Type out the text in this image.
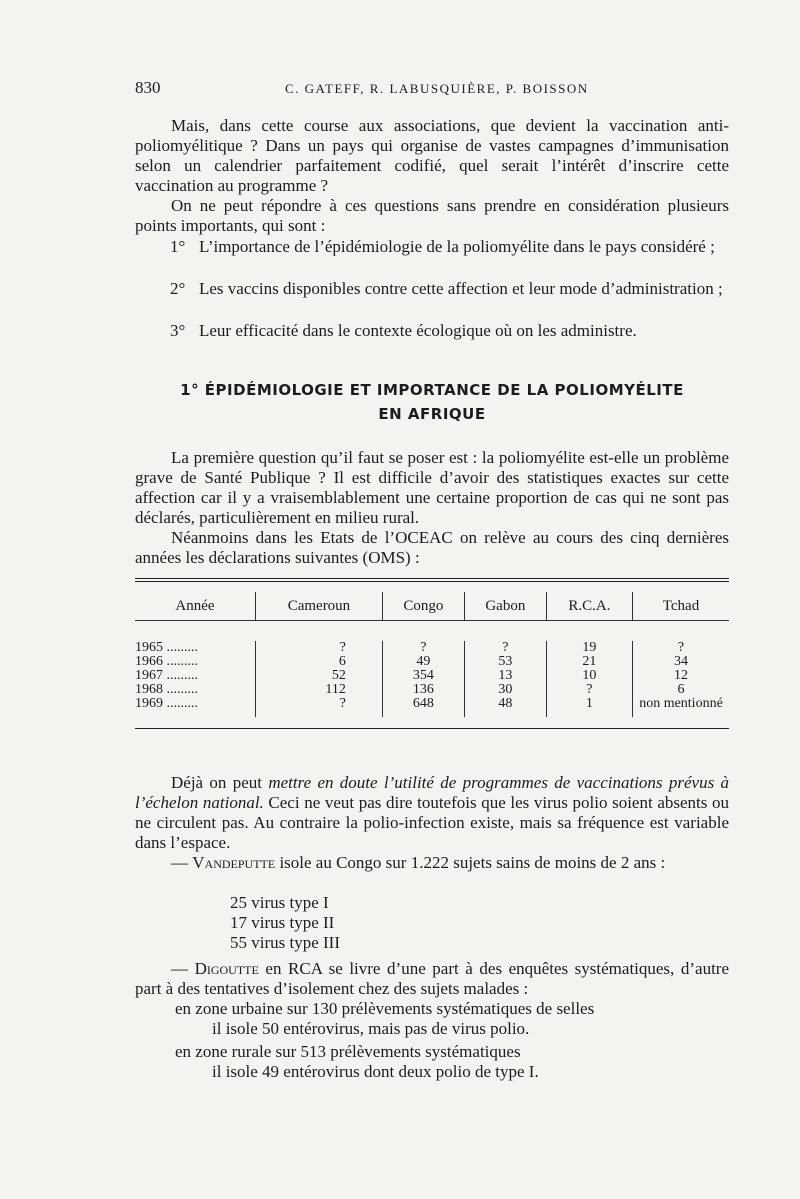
830	C. GATEFF, R. LABUSQUIÈRE, P. BOISSON

Mais, dans cette course aux associations, que devient la vaccination anti-poliomyélitique ? Dans un pays qui organise de vastes campagnes d’immunisation selon un calendrier parfaitement codifié, quel serait l’intérêt d’inscrire cette vaccination au programme ?

On ne peut répondre à ces questions sans prendre en considération plusieurs points importants, qui sont :

1° L’importance de l’épidémiologie de la poliomyélite dans le pays considéré ;
2° Les vaccins disponibles contre cette affection et leur mode d’administration ;
3° Leur efficacité dans le contexte écologique où on les administre.
1° ÉPIDÉMIOLOGIE ET IMPORTANCE DE LA POLIOMYÉLITE
EN AFRIQUE

La première question qu’il faut se poser est : la poliomyélite est-elle un problème grave de Santé Publique ? Il est difficile d’avoir des statistiques exactes sur cette affection car il y a vraisemblablement une certaine proportion de cas qui ne sont pas déclarés, particulièrement en milieu rural.

Néanmoins dans les Etats de l’OCEAC on relève au cours des cinq dernières années les déclarations suivantes (OMS) :

Année	Cameroun	Congo	Gabon	R.C.A.	Tchad

1965 .........	?	?	?	19	?
1966 .........	6	49	53	21	34
1967 .........	52	354	13	10	12
1968 .........	112	136	30	?	6
1969 .........	?	648	48	1	non mentionné

Déjà on peut mettre en doute l’utilité de programmes de vaccinations prévus à l’échelon national. Ceci ne veut pas dire toutefois que les virus polio soient absents ou ne circulent pas. Au contraire la polio-infection existe, mais sa fréquence est variable dans l’espace.

— Vandeputte isole au Congo sur 1.222 sujets sains de moins de 2 ans :

25 virus type I
17 virus type II
55 virus type III

— Digoutte en RCA se livre d’une part à des enquêtes systématiques, d’autre part à des tentatives d’isolement chez des sujets malades :

en zone urbaine sur 130 prélèvements systématiques de selles
il isole 50 entérovirus, mais pas de virus polio.
en zone rurale sur 513 prélèvements systématiques
il isole 49 entérovirus dont deux polio de type I.
